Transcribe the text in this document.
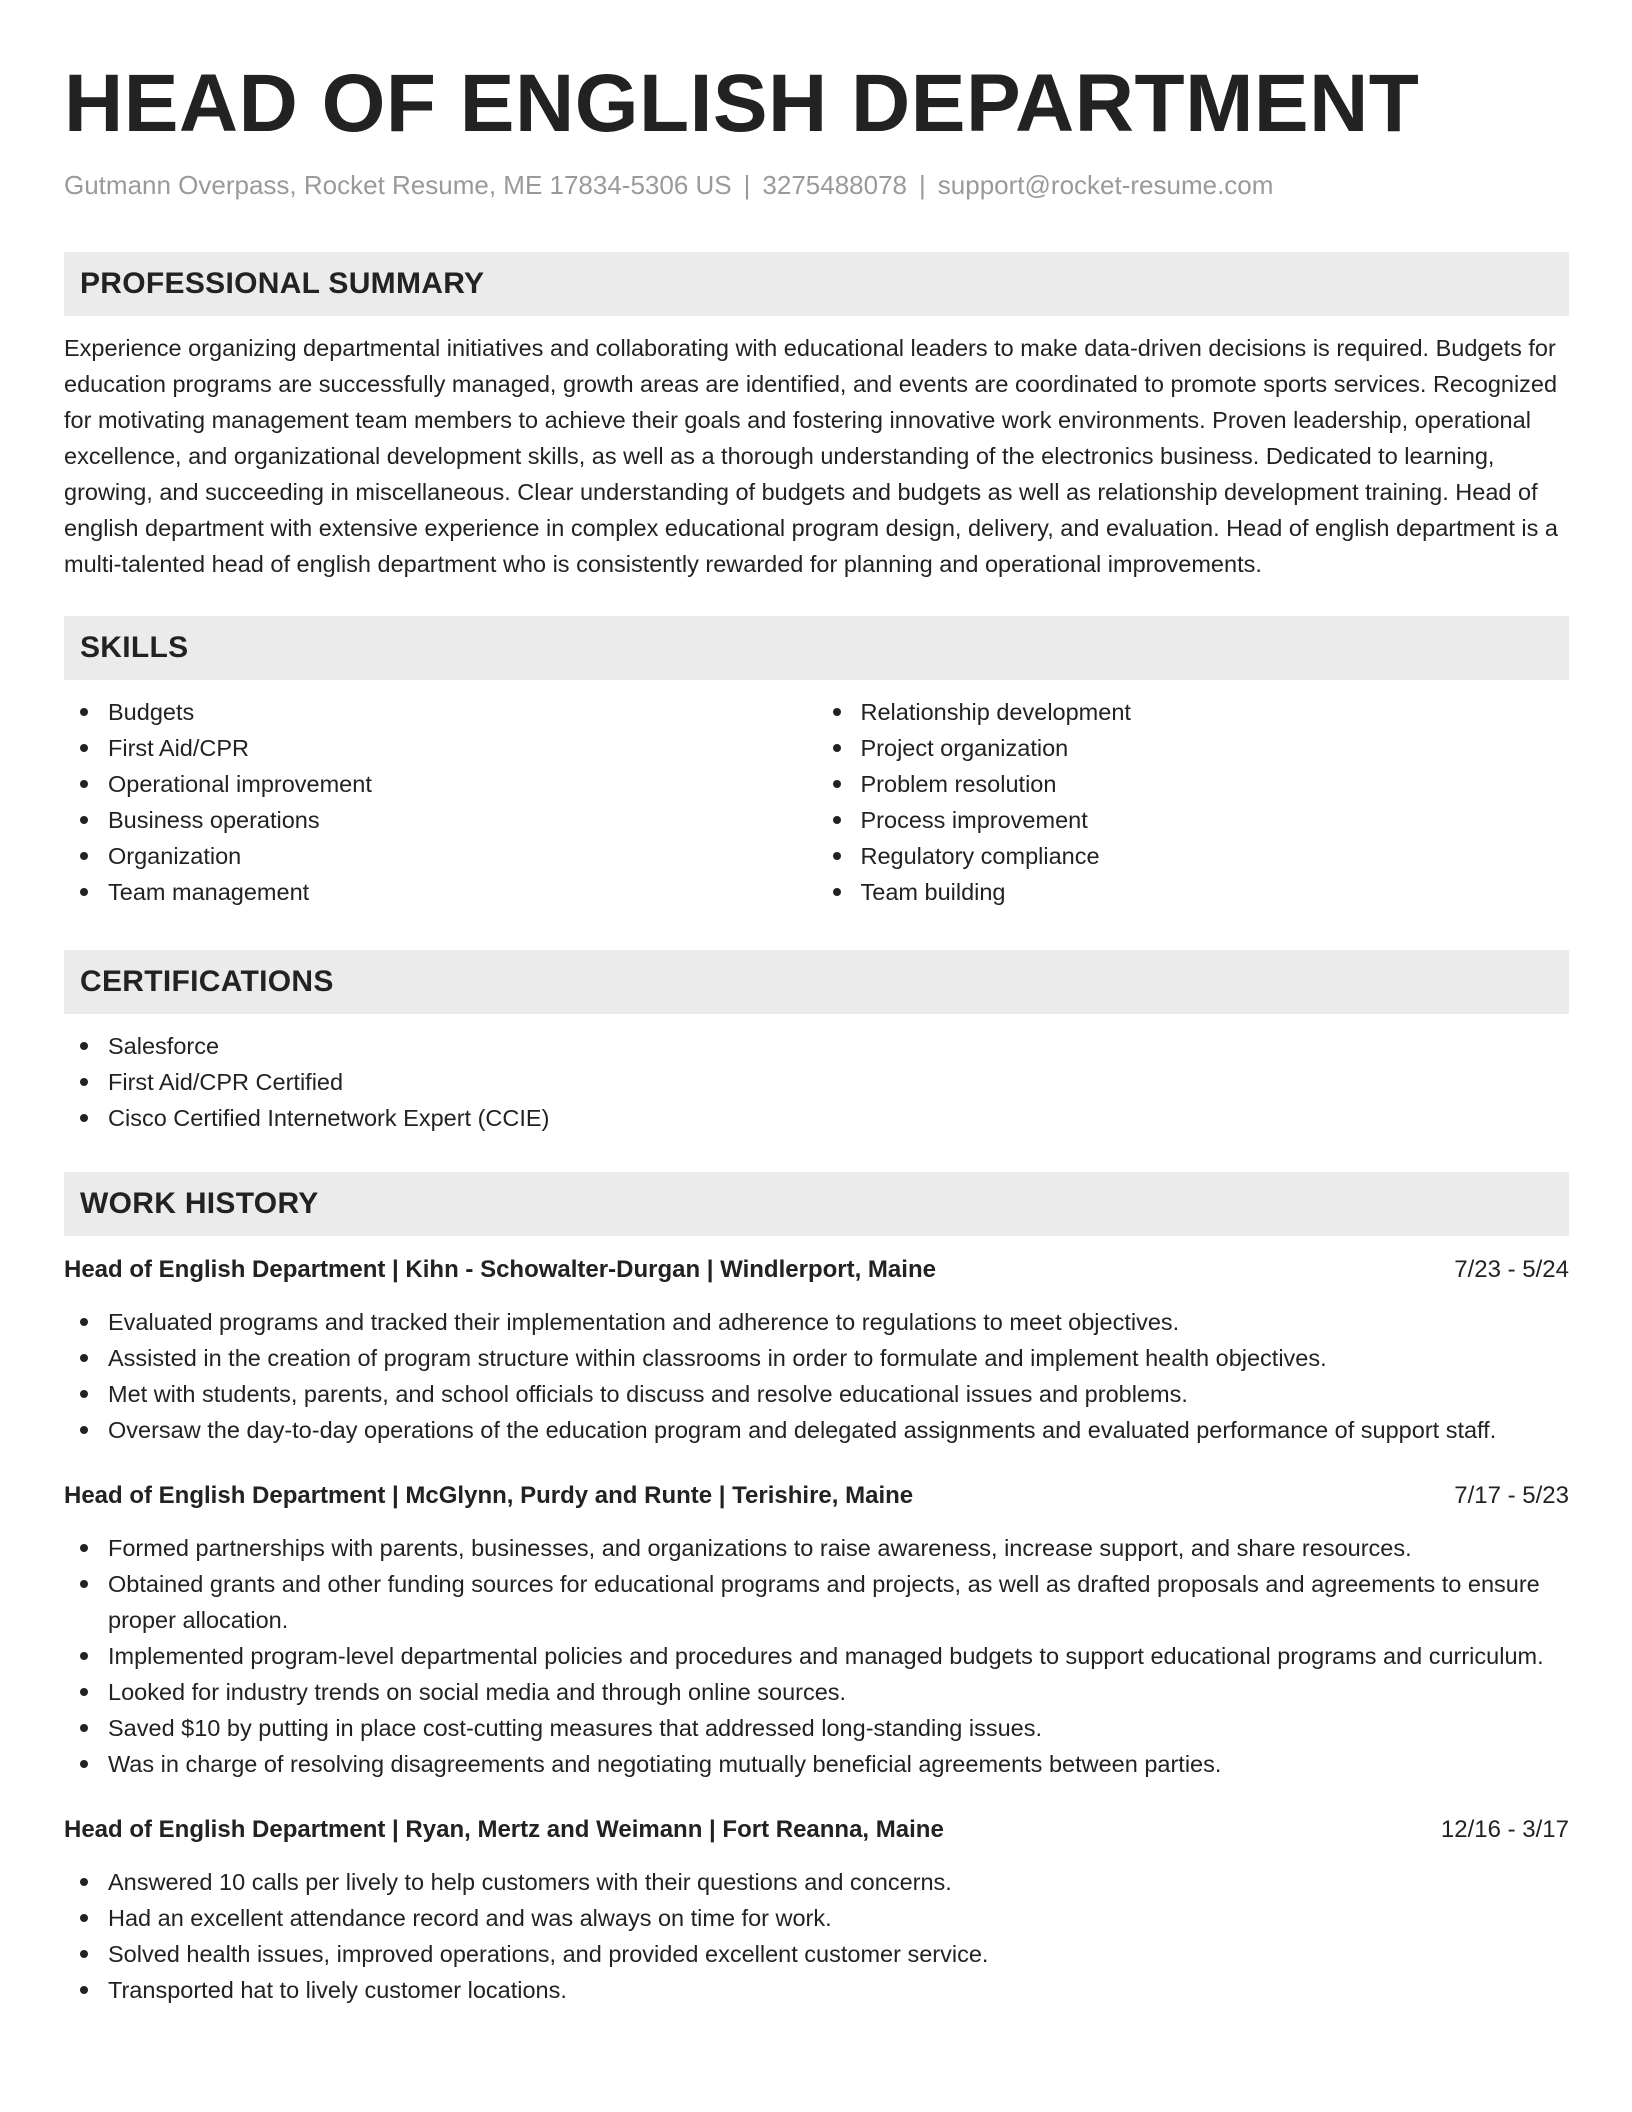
HEAD OF ENGLISH DEPARTMENT
Gutmann Overpass, Rocket Resume, ME 17834-5306 US | 3275488078 | support@rocket-resume.com
PROFESSIONAL SUMMARY

Experience organizing departmental initiatives and collaborating with educational leaders to make data-driven decisions is required. Budgets for education programs are successfully managed, growth areas are identified, and events are coordinated to promote sports services. Recognized for motivating management team members to achieve their goals and fostering innovative work environments. Proven leadership, operational excellence, and organizational development skills, as well as a thorough understanding of the electronics business. Dedicated to learning, growing, and succeeding in miscellaneous. Clear understanding of budgets and budgets as well as relationship development training. Head of english department with extensive experience in complex educational program design, delivery, and evaluation. Head of english department is a multi-talented head of english department who is consistently rewarded for planning and operational improvements.

SKILLS
Budgets
First Aid/CPR
Operational improvement
Business operations
Organization
Team management
Relationship development
Project organization
Problem resolution
Process improvement
Regulatory compliance
Team building
CERTIFICATIONS
Salesforce
First Aid/CPR Certified
Cisco Certified Internetwork Expert (CCIE)
WORK HISTORY
Head of English Department | Kihn - Schowalter-Durgan | Windlerport, Maine	7/23 - 5/24
Evaluated programs and tracked their implementation and adherence to regulations to meet objectives.
Assisted in the creation of program structure within classrooms in order to formulate and implement health objectives.
Met with students, parents, and school officials to discuss and resolve educational issues and problems.
Oversaw the day-to-day operations of the education program and delegated assignments and evaluated performance of support staff.
Head of English Department | McGlynn, Purdy and Runte | Terishire, Maine	7/17 - 5/23
Formed partnerships with parents, businesses, and organizations to raise awareness, increase support, and share resources.
Obtained grants and other funding sources for educational programs and projects, as well as drafted proposals and agreements to ensure proper allocation.
Implemented program-level departmental policies and procedures and managed budgets to support educational programs and curriculum.
Looked for industry trends on social media and through online sources.
Saved $10 by putting in place cost-cutting measures that addressed long-standing issues.
Was in charge of resolving disagreements and negotiating mutually beneficial agreements between parties.
Head of English Department | Ryan, Mertz and Weimann | Fort Reanna, Maine	12/16 - 3/17
Answered 10 calls per lively to help customers with their questions and concerns.
Had an excellent attendance record and was always on time for work.
Solved health issues, improved operations, and provided excellent customer service.
Transported hat to lively customer locations.
